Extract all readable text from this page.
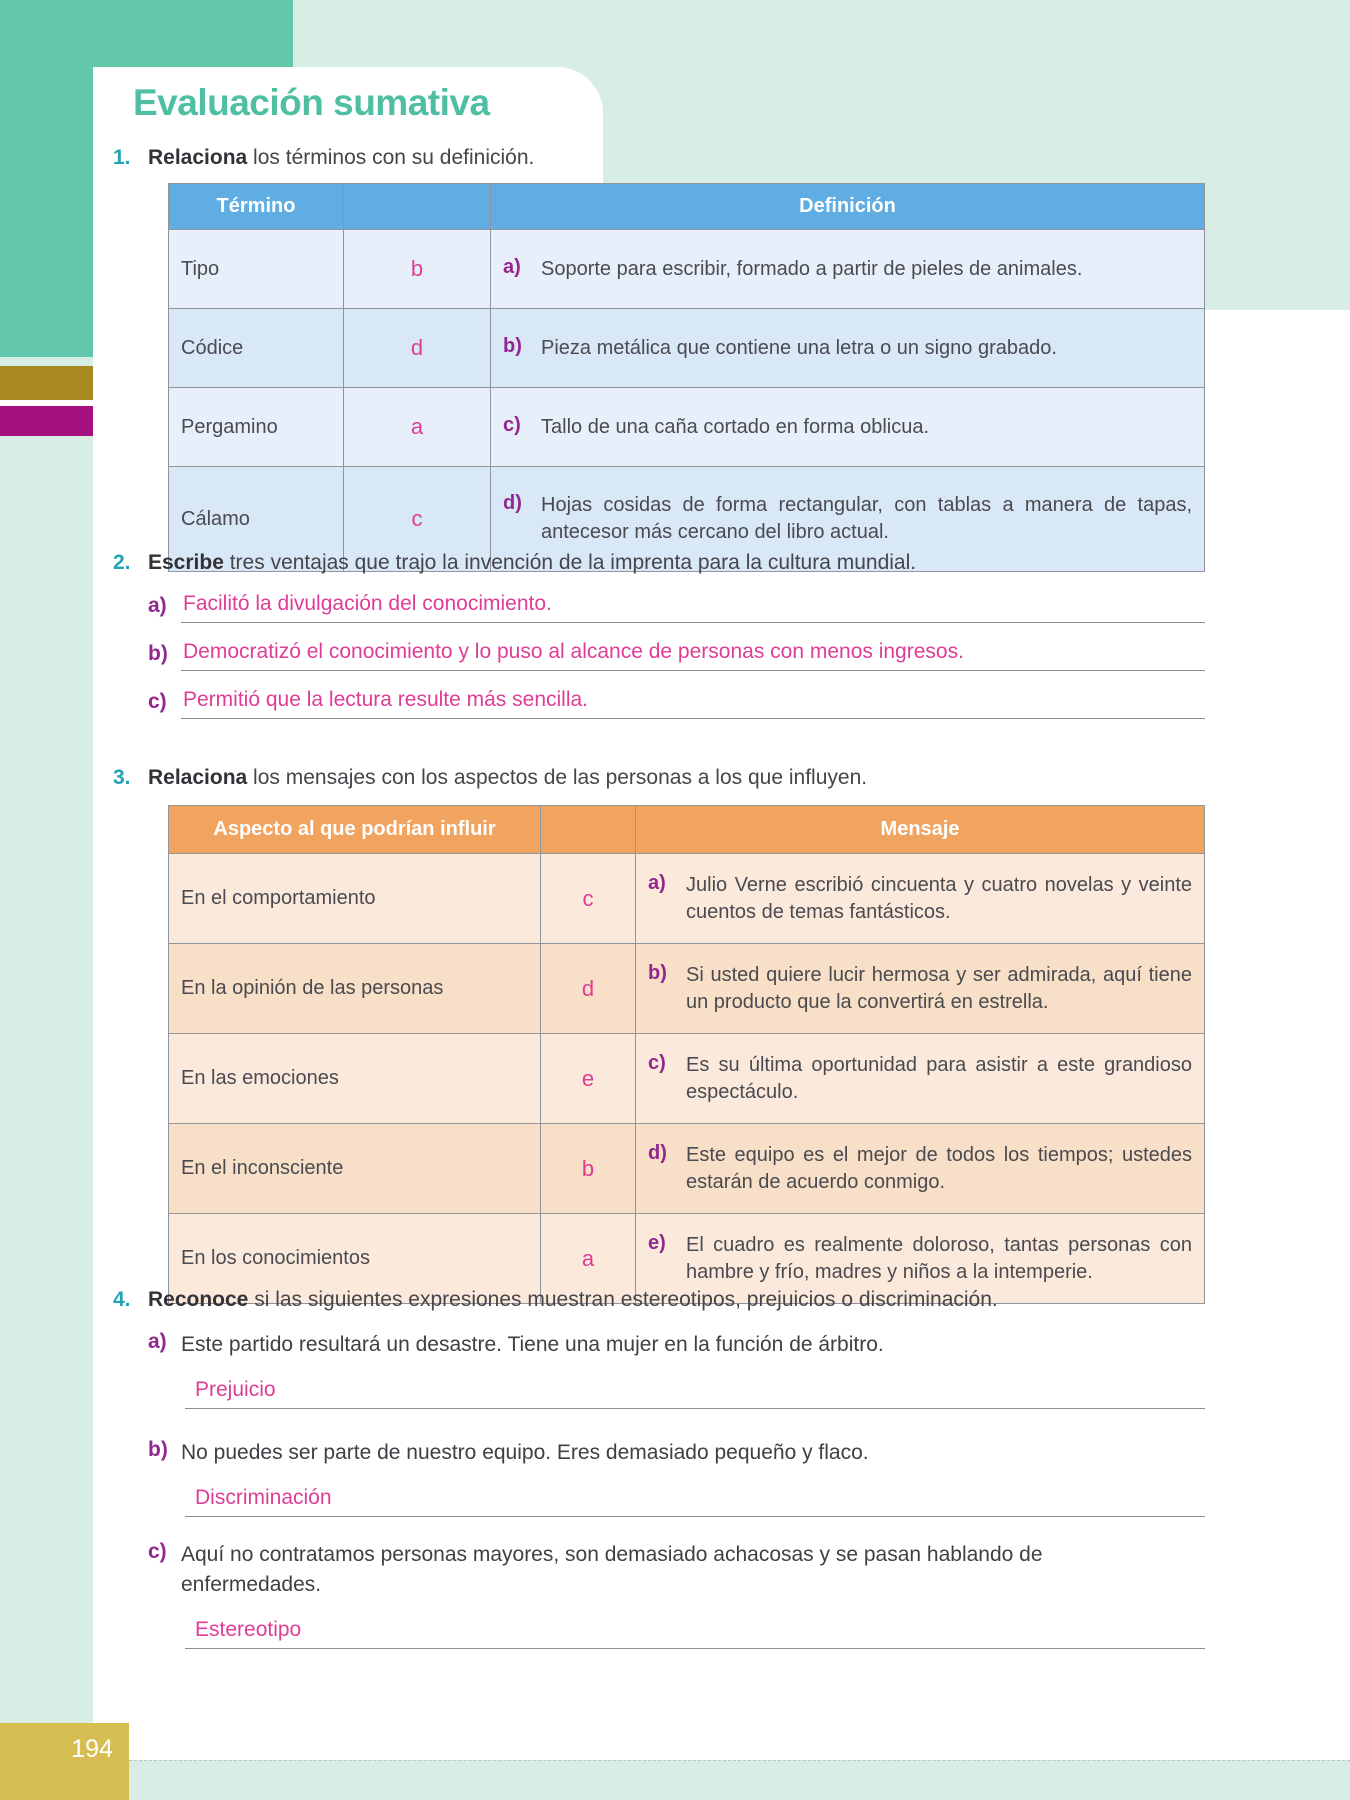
Evaluación sumativa
1. Relaciona los términos con su definición.
Término		Definición
Tipo	b	a) Soporte para escribir, formado a partir de pieles de animales.

Códice	d	b) Pieza metálica que contiene una letra o un signo grabado.

Pergamino	a	c) Tallo de una caña cortado en forma oblicua.

Cálamo	c	d) Hojas cosidas de forma rectangular, con tablas a manera de tapas, antecesor más cercano del libro actual.
2. Escribe tres ventajas que trajo la invención de la imprenta para la cultura mundial.
a) Facilitó la divulgación del conocimiento.
b) Democratizó el conocimiento y lo puso al alcance de personas con menos ingresos.
c) Permitió que la lectura resulte más sencilla.
3. Relaciona los mensajes con los aspectos de las personas a los que influyen.
Aspecto al que podrían influir		Mensaje
En el comportamiento	c	a) Julio Verne escribió cincuenta y cuatro novelas y veinte cuentos de temas fantásticos.

En la opinión de las personas	d	b) Si usted quiere lucir hermosa y ser admirada, aquí tiene un producto que la convertirá en estrella.

En las emociones	e	c) Es su última oportunidad para asistir a este grandioso espectáculo.

En el inconsciente	b	d) Este equipo es el mejor de todos los tiempos; ustedes estarán de acuerdo conmigo.

En los conocimientos	a	e) El cuadro es realmente doloroso, tantas personas con hambre y frío, madres y niños a la intemperie.
4. Reconoce si las siguientes expresiones muestran estereotipos, prejuicios o discriminación.
a) Este partido resultará un desastre. Tiene una mujer en la función de árbitro.
Prejuicio
b) No puedes ser parte de nuestro equipo. Eres demasiado pequeño y flaco.
Discriminación
c) Aquí no contratamos personas mayores, son demasiado achacosas y se pasan hablando de enfermedades.
Estereotipo
194
